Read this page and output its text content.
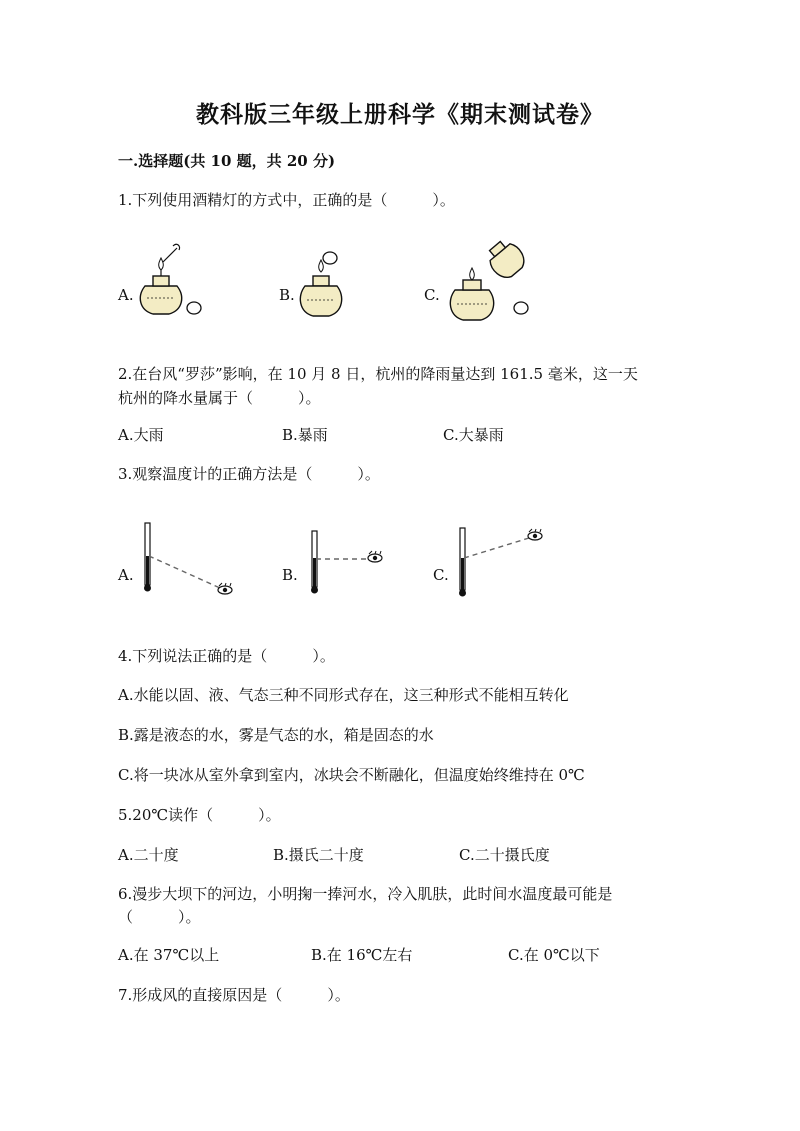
教科版三年级上册科学《期末测试卷》
一.选择题(共 10 题，共 20 分)
1.下列使用酒精灯的方式中，正确的是（　　　）。
A.	B.	C.
2.在台风“罗莎”影响，在 10 月 8 日，杭州的降雨量达到 161.5 毫米，这一天
杭州的降水量属于（　　　）。
A.大雨	B.暴雨	C.大暴雨
3.观察温度计的正确方法是（　　　）。
A.	B.	C.
4.下列说法正确的是（　　　）。
A.水能以固、液、气态三种不同形式存在，这三种形式不能相互转化
B.露是液态的水，雾是气态的水，箱是固态的水
C.将一块冰从室外拿到室内，冰块会不断融化，但温度始终维持在 0℃
5.20℃读作（　　　）。
A.二十度	B.摄氏二十度	C.二十摄氏度
6.漫步大坝下的河边，小明掬一捧河水，冷入肌肤，此时间水温度最可能是
（　　　）。
A.在 37℃以上	B.在 16℃左右	C.在 0℃以下
7.形成风的直接原因是（　　　）。
